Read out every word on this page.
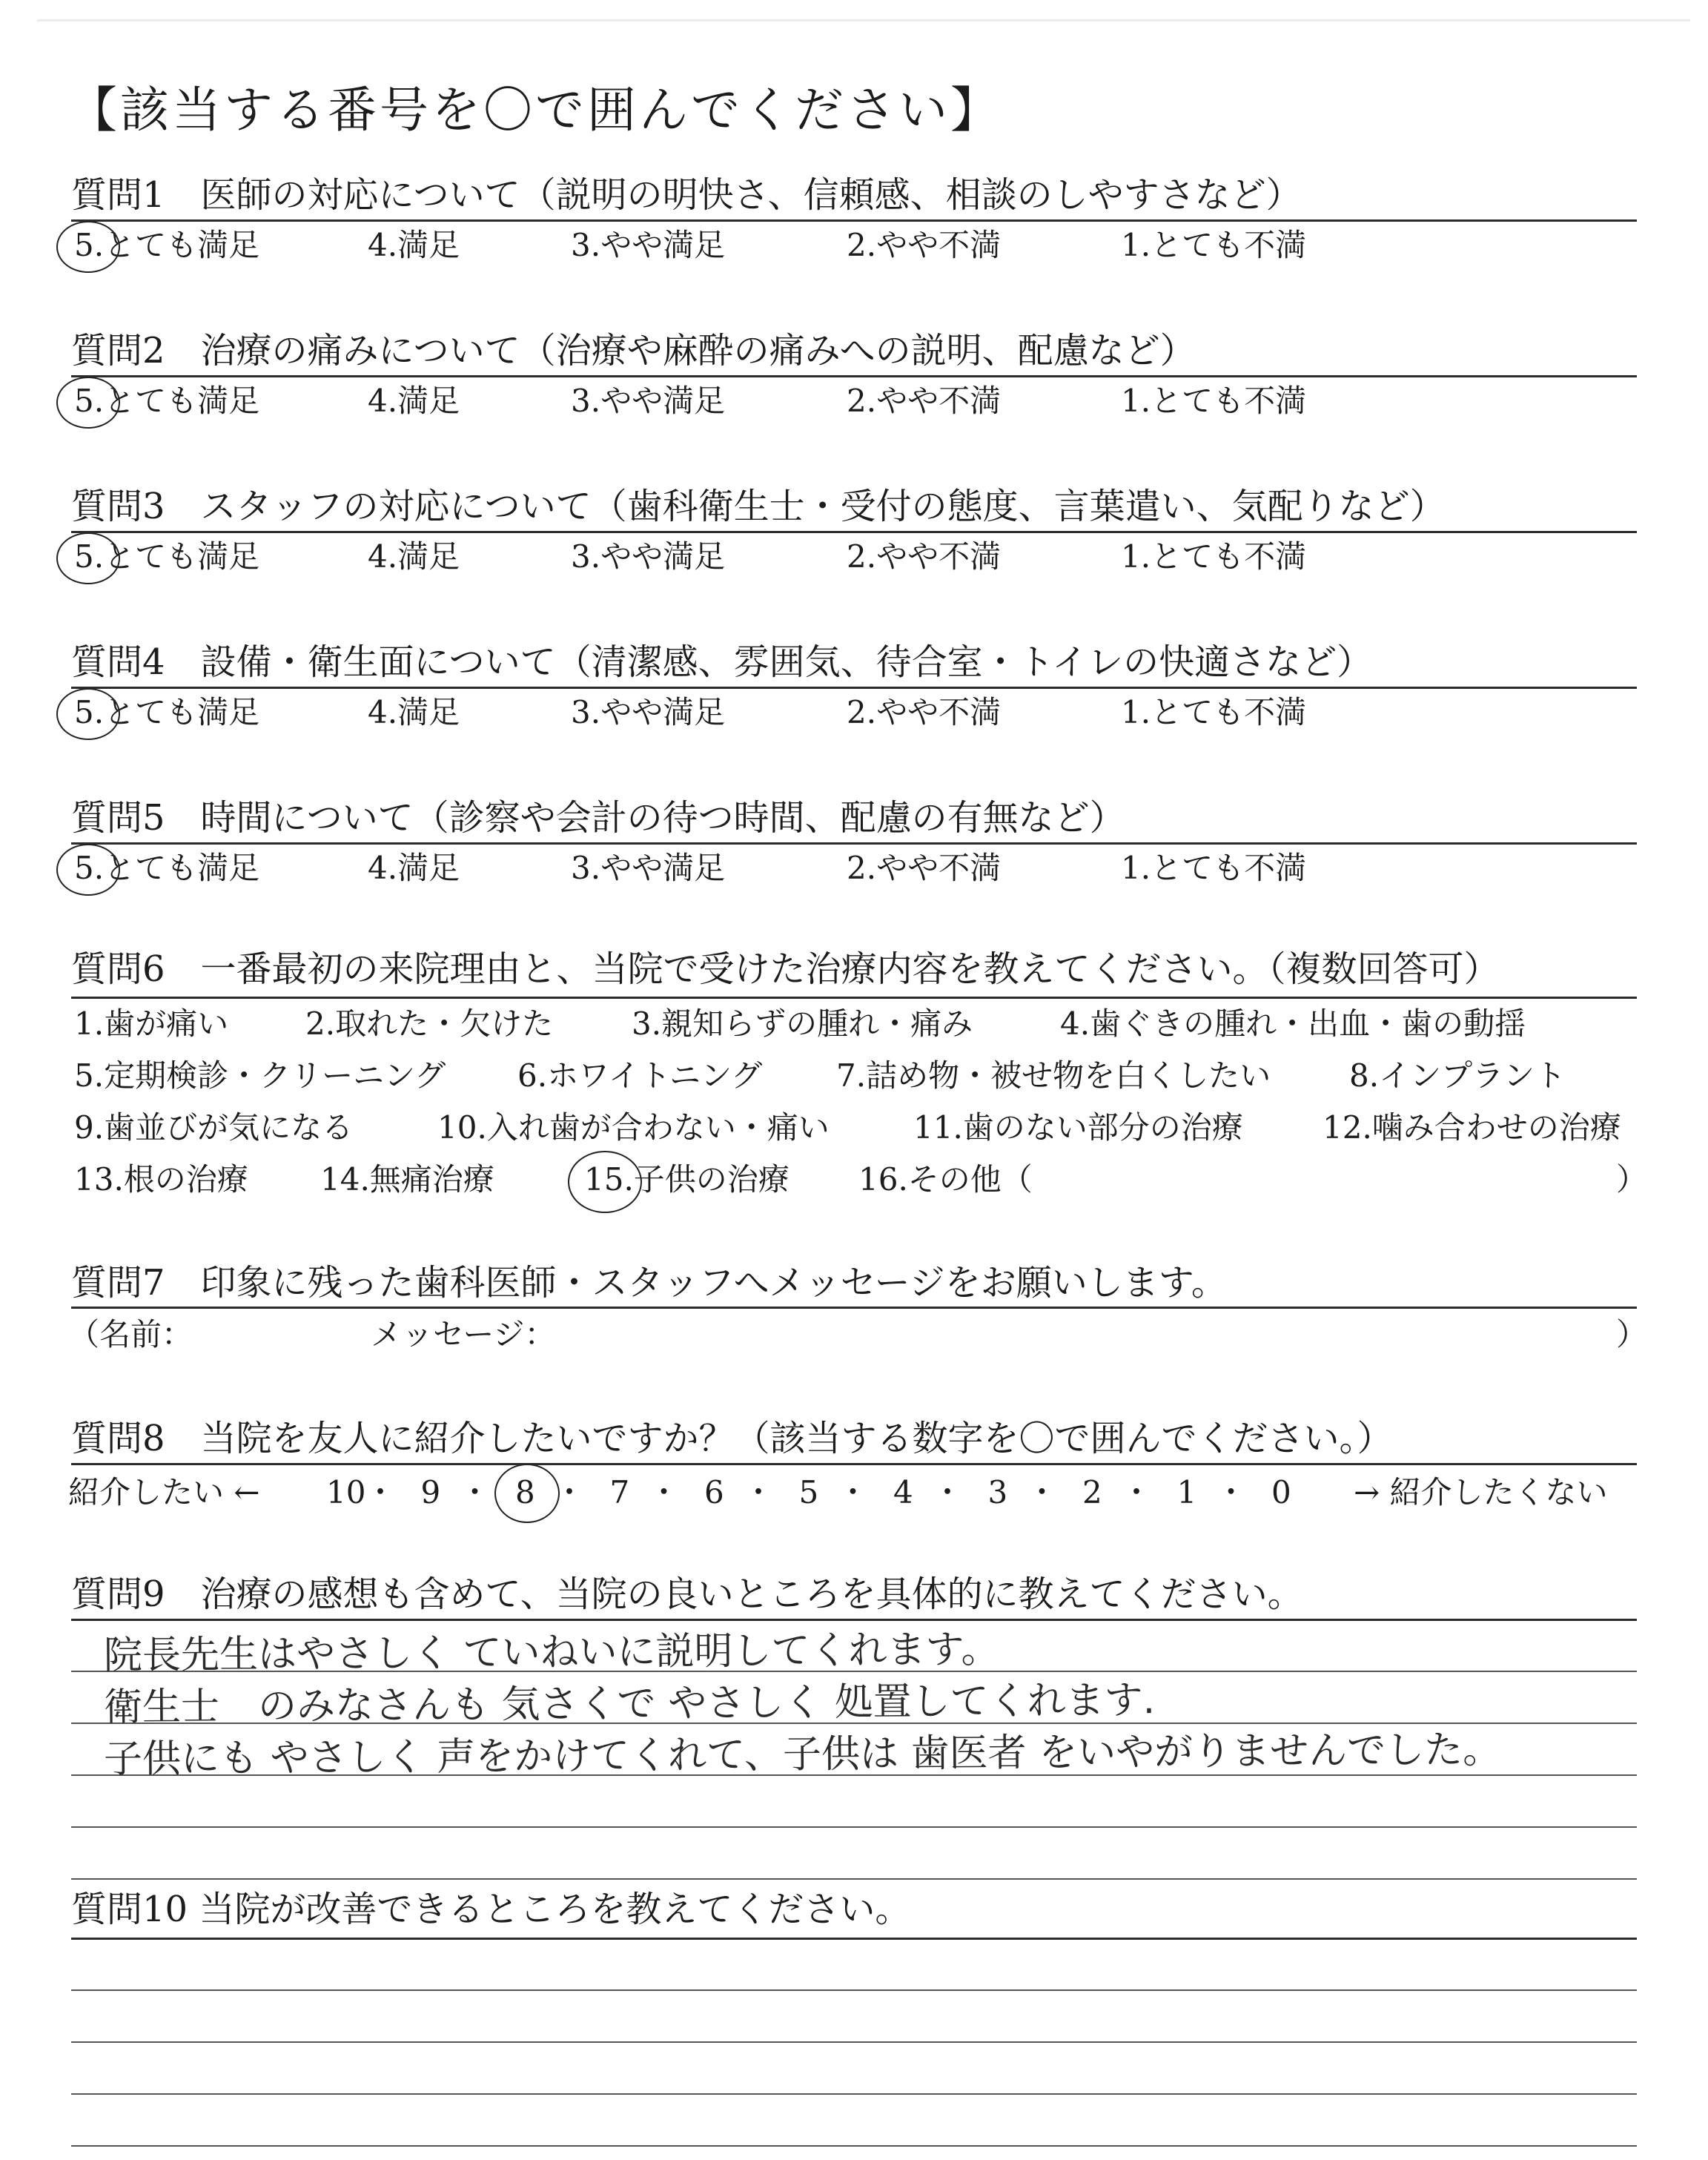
【該当する番号を〇で囲んでください】
質問1　医師の対応について（説明の明快さ、信頼感、相談のしやすさなど）
5.とても満足	4.満足	3.やや満足	2.やや不満	1.とても不満
質問2　治療の痛みについて（治療や麻酔の痛みへの説明、配慮など）
5.とても満足	4.満足	3.やや満足	2.やや不満	1.とても不満
質問3　スタッフの対応について（歯科衛生士・受付の態度、言葉遣い、気配りなど）
5.とても満足	4.満足	3.やや満足	2.やや不満	1.とても不満
質問4　設備・衛生面について（清潔感、雰囲気、待合室・トイレの快適さなど）
5.とても満足	4.満足	3.やや満足	2.やや不満	1.とても不満
質問5　時間について（診察や会計の待つ時間、配慮の有無など）
5.とても満足	4.満足	3.やや満足	2.やや不満	1.とても不満
質問6　一番最初の来院理由と、当院で受けた治療内容を教えてください。（複数回答可）
1.歯が痛い 2.取れた・欠けた	3.親知らずの腫れ・痛み	4.歯ぐきの腫れ・出血・歯の動揺
5.定期検診・クリーニング 6.ホワイトニング 7.詰め物・被せ物を白くしたい	8.インプラント
9.歯並びが気になる	10.入れ歯が合わない・痛い	11.歯のない部分の治療	12.噛み合わせの治療
13.根の治療 14.無痛治療	15.子供の治療 16.その他（	）
質問7　印象に残った歯科医師・スタッフへメッセージをお願いします。
（名前：	メッセージ：	）
質問8　当院を友人に紹介したいですか？（該当する数字を〇で囲んでください。）
紹介したい ← 10
・ 9 ・ 8 ・ 7 ・ 6 ・ 5 ・ 4 ・ 3 ・ 2 ・ 1 ・ 0 → 紹介したくない
質問9　治療の感想も含めて、当院の良いところを具体的に教えてください。
院長先生はやさしく ていねいに説明してくれます。
衛生士　のみなさんも 気さくで やさしく 処置してくれます.
子供にも やさしく 声をかけてくれて、子供は 歯医者 をいやがりませんでした。
質問10 当院が改善できるところを教えてください。
